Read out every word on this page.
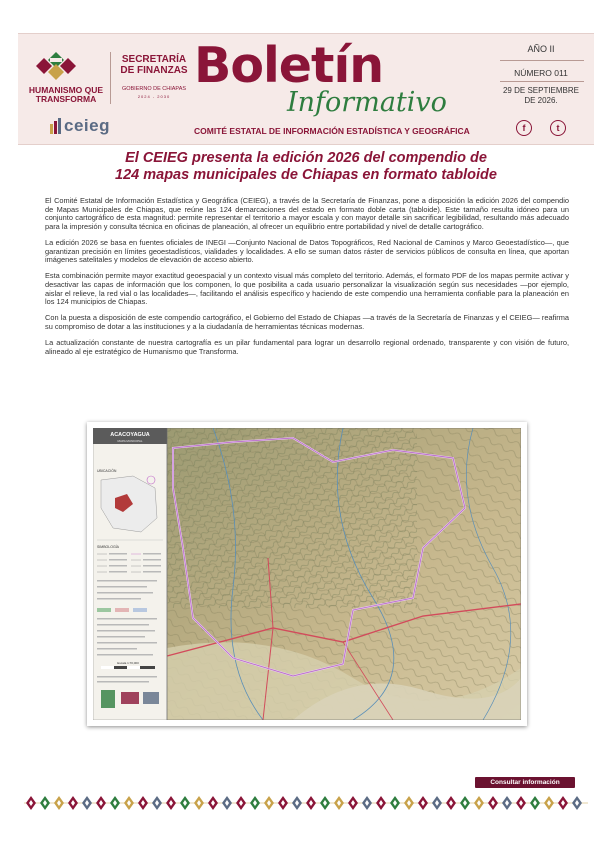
HUMANISMO QUE
TRANSFORMA
SECRETARÍA
DE FINANZAS
GOBIERNO DE CHIAPAS
2024 - 2030
ceieg
Boletín
Informativo
COMITÉ ESTATAL DE INFORMACIÓN ESTADÍSTICA Y GEOGRÁFICA
AÑO II
NÚMERO 011
29 DE SEPTIEMBRE
DE 2026.
f	t
El CEIEG presenta la edición 2026 del compendio de
124 mapas municipales de Chiapas en formato tabloide

El Comité Estatal de Información Estadística y Geográfica (CEIEG), a través de la Secretaría de Finanzas, pone a disposición la edición 2026 del compendio de Mapas Municipales de Chiapas, que reúne las 124 demarcaciones del estado en formato doble carta (tabloide). Este tamaño resulta idóneo para un conjunto cartográfico de esta magnitud: permite representar el territorio a mayor escala y con mayor detalle sin sacrificar legibilidad, resultando más adecuado para la impresión y consulta técnica en oficinas de planeación, al ofrecer un equilibrio entre portabilidad y nivel de detalle cartográfico.

La edición 2026 se basa en fuentes oficiales de INEGI —Conjunto Nacional de Datos Topográficos, Red Nacional de Caminos y Marco Geoestadístico—, que garantizan precisión en límites geoestadísticos, vialidades y localidades. A ello se suman datos ráster de servicios públicos de consulta en línea, que aportan imágenes satelitales y modelos de elevación de acceso abierto.

Esta combinación permite mayor exactitud geoespacial y un contexto visual más completo del territorio. Además, el formato PDF de los mapas permite activar y desactivar las capas de información que los componen, lo que posibilita a cada usuario personalizar la visualización según sus necesidades —por ejemplo, aislar el relieve, la red vial o las localidades—, facilitando el análisis específico y haciendo de este compendio una herramienta confiable para la planeación en los 124 municipios de Chiapas.

Con la puesta a disposición de este compendio cartográfico, el Gobierno del Estado de Chiapas —a través de la Secretaría de Finanzas y el CEIEG— reafirma su compromiso de dotar a las instituciones y a la ciudadanía de herramientas técnicas modernas.

La actualización constante de nuestra cartografía es un pilar fundamental para lograr un desarrollo regional ordenado, transparente y con visión de futuro, alineado al eje estratégico de Humanismo que Transforma.

ACACOYAGUA
MAPA MUNICIPAL
UBICACIÓN
SIMBOLOGÍA
Escala 1:70,000
Consultar información
